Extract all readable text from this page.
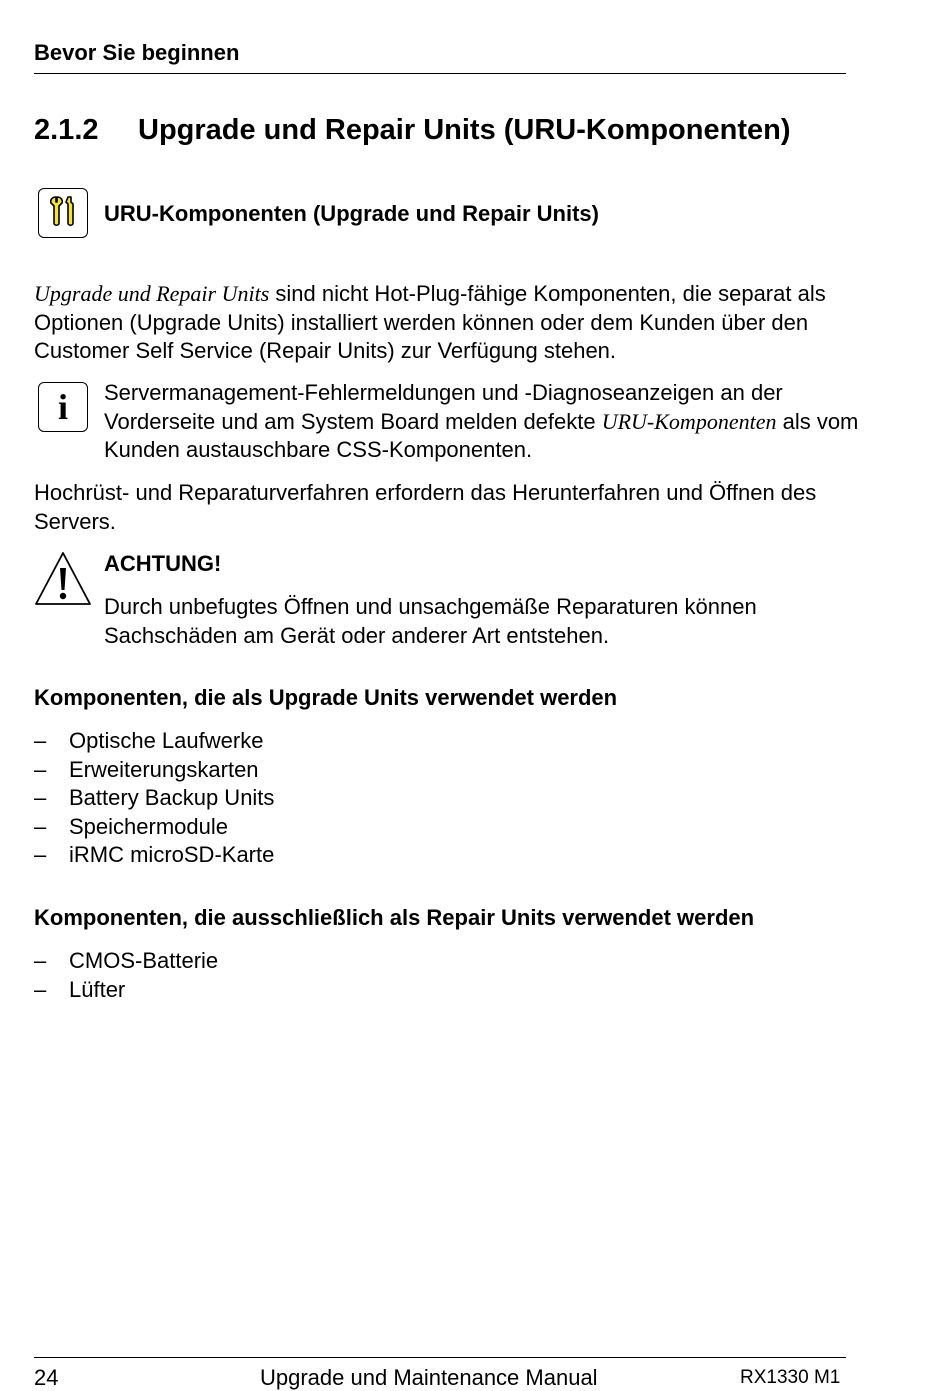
Bevor Sie beginnen
2.1.2 Upgrade und Repair Units (URU-Komponenten)
URU-Komponenten (Upgrade und Repair Units)
Upgrade und Repair Units sind nicht Hot-Plug-fähige Komponenten, die separat als Optionen (Upgrade Units) installiert werden können oder dem Kunden über den Customer Self Service (Repair Units) zur Verfügung stehen.
i	Servermanagement-Fehlermeldungen und -Diagnoseanzeigen an der Vorderseite und am System Board melden defekte URU-Komponenten als vom Kunden austauschbare CSS-Komponenten.
Hochrüst- und Reparaturverfahren erfordern das Herunterfahren und Öffnen des Servers.
ACHTUNG!
Durch unbefugtes Öffnen und unsachgemäße Reparaturen können Sachschäden am Gerät oder anderer Art entstehen.
Komponenten, die als Upgrade Units verwendet werden
– Optische Laufwerke
– Erweiterungskarten
– Battery Backup Units
– Speichermodule
– iRMC microSD-Karte
Komponenten, die ausschließlich als Repair Units verwendet werden
– CMOS-Batterie
– Lüfter
24	Upgrade und Maintenance Manual	RX1330 M1
